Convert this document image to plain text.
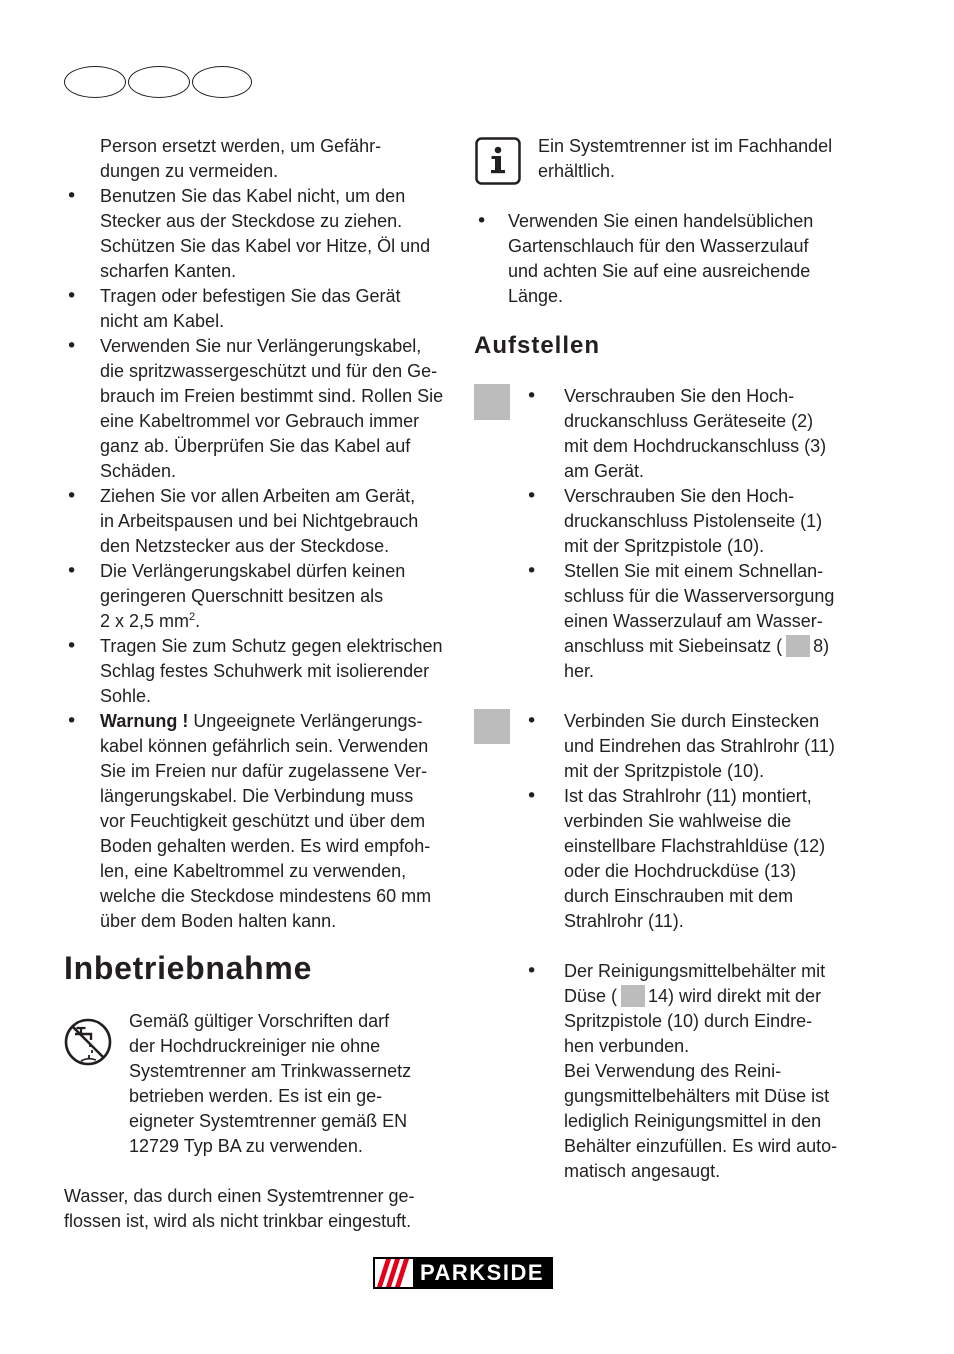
Person ersetzt werden, um Gefähr-
dungen zu vermeiden.
• Benutzen Sie das Kabel nicht, um den
Stecker aus der Steckdose zu ziehen.
Schützen Sie das Kabel vor Hitze, Öl und
scharfen Kanten.
• Tragen oder befestigen Sie das Gerät
nicht am Kabel.
• Verwenden Sie nur Verlängerungskabel,
die spritzwassergeschützt und für den Ge-
brauch im Freien bestimmt sind. Rollen Sie
eine Kabeltrommel vor Gebrauch immer
ganz ab. Überprüfen Sie das Kabel auf
Schäden.
• Ziehen Sie vor allen Arbeiten am Gerät,
in Arbeitspausen und bei Nichtgebrauch
den Netzstecker aus der Steckdose.
• Die Verlängerungskabel dürfen keinen
geringeren Querschnitt besitzen als
2 x 2,5 $mm^2$.
• Tragen Sie zum Schutz gegen elektrischen
Schlag festes Schuhwerk mit isolierender
Sohle.
• Warnung ! Ungeeignete Verlängerungs-
kabel können gefährlich sein. Verwenden
Sie im Freien nur dafür zugelassene Ver-
längerungskabel. Die Verbindung muss
vor Feuchtigkeit geschützt und über dem
Boden gehalten werden. Es wird empfoh-
len, eine Kabeltrommel zu verwenden,
welche die Steckdose mindestens 60 mm
über dem Boden halten kann.
Inbetriebnahme
Gemäß gültiger Vorschriften darf
der Hochdruckreiniger nie ohne
Systemtrenner am Trinkwassernetz
betrieben werden. Es ist ein ge-
eigneter Systemtrenner gemäß EN
12729 Typ BA zu verwenden.
Wasser, das durch einen Systemtrenner ge-
flossen ist, wird als nicht trinkbar eingestuft.
Ein Systemtrenner ist im Fachhandel
erhältlich.
• Verwenden Sie einen handelsüblichen
Gartenschlauch für den Wasserzulauf
und achten Sie auf eine ausreichende
Länge.
Aufstellen
• Verschrauben Sie den Hoch-
druckanschluss Geräteseite (2)
mit dem Hochdruckanschluss (3)
am Gerät.
• Verschrauben Sie den Hoch-
druckanschluss Pistolenseite (1)
mit der Spritzpistole (10).
• Stellen Sie mit einem Schnellan-
schluss für die Wasserversorgung
einen Wasserzulauf am Wasser-
anschluss mit Siebeinsatz ( 8)
her.
• Verbinden Sie durch Einstecken
und Eindrehen das Strahlrohr (11)
mit der Spritzpistole (10).
• Ist das Strahlrohr (11) montiert,
verbinden Sie wahlweise die
einstellbare Flachstrahldüse (12)
oder die Hochdruckdüse (13)
durch Einschrauben mit dem
Strahlrohr (11).
• Der Reinigungsmittelbehälter mit
Düse ( 14) wird direkt mit der
Spritzpistole (10) durch Eindre-
hen verbunden.
Bei Verwendung des Reini-
gungsmittelbehälters mit Düse ist
lediglich Reinigungsmittel in den
Behälter einzufüllen. Es wird auto-
matisch angesaugt.
PARKSIDE
